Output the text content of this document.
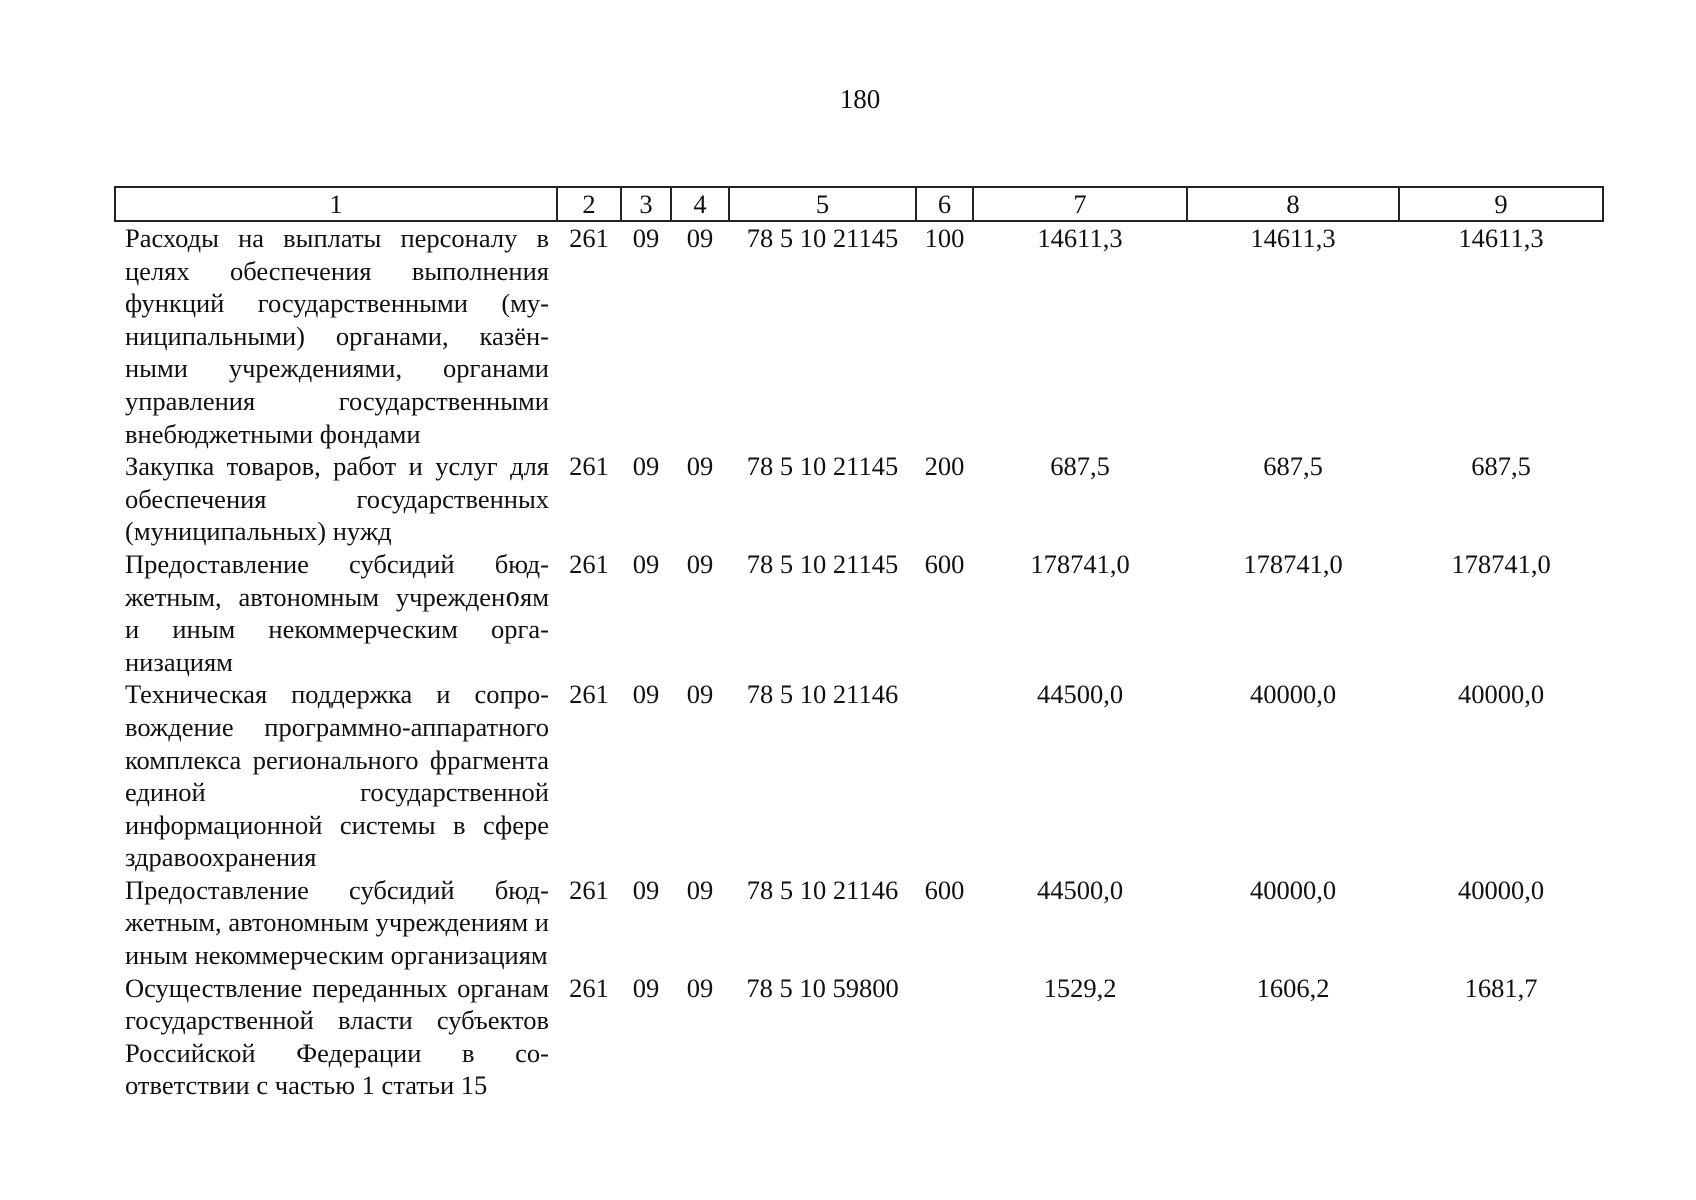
180
1	2	3	4	5	6	7	8	9
Расходы на выплаты персоналу в целях обеспечения выполнения функций государственными (муниципальными) органами, казёнными учреждениями, органами управления государственными внебюджетными фондами	261	09	09	78 5 10 21145	100	14611,3	14611,3	14611,3
Закупка товаров, работ и услуг для обеспечения государственных (муниципальных) нужд	261	09	09	78 5 10 21145	200	687,5	687,5	687,5
Предоставление субсидий бюджетным, автономным учрежденიям и иным некоммерческим организациям	261	09	09	78 5 10 21145	600	178741,0	178741,0	178741,0
Техническая поддержка и сопровождение программно-аппаратного комплекса регионального фрагмента единой государственной информационной системы в сфере здравоохранения	261	09	09	78 5 10 21146		44500,0	40000,0	40000,0
Предоставление субсидий бюджетным, автономным учреждениям и иным некоммерческим организациям	261	09	09	78 5 10 21146	600	44500,0	40000,0	40000,0
Осуществление переданных органам государственной власти субъектов Российской Федерации в соответствии с частью 1 статьи 15	261	09	09	78 5 10 59800		1529,2	1606,2	1681,7
